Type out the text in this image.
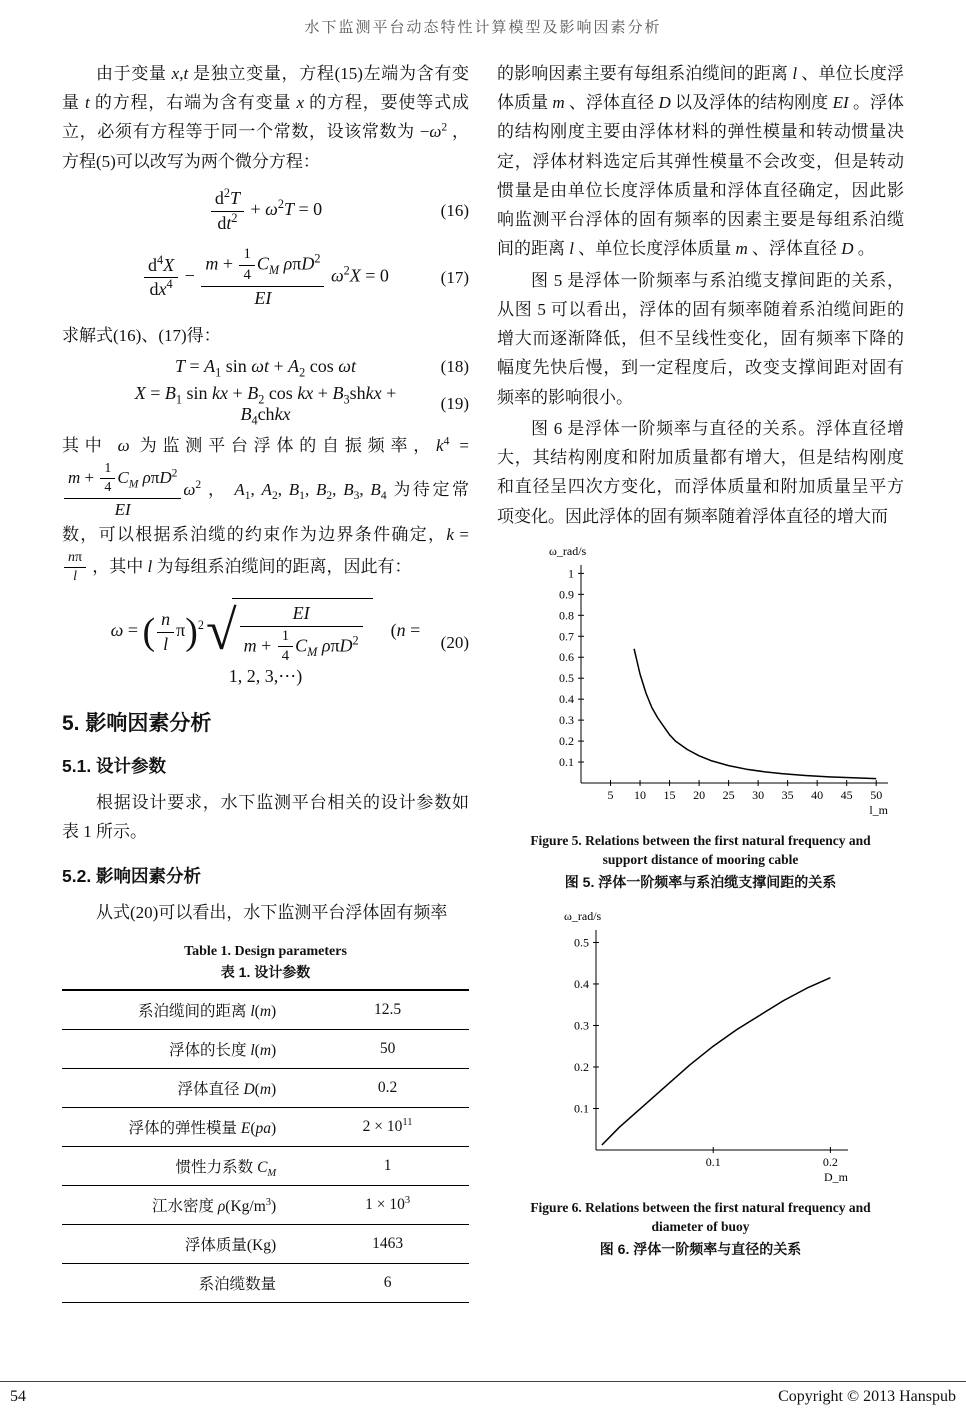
水下监测平台动态特性计算模型及影响因素分析

由于变量 x,t 是独立变量，方程(15)左端为含有变量 t 的方程，右端为含有变量 x 的方程，要使等式成立，必须有方程等于同一个常数，设该常数为 $-\omega^2$ ，方程(5)可以改写为两个微分方程：

$\frac{d^2T}{dt^2} + \omega^2T = 0$	(16)
$\frac{d^4X}{dx^4} - \frac{m + \frac{1}{4} C_M \rho\pi D^2}{EI} \omega^2X = 0$	(17)

求解式(16)、(17)得：

$T = A_1$ $\sin \omega t + A_2$ cos ωt	(18)
$X = B_1$ sin kx + $B_2$ cos kx + $B_3shkx$ + $B_4chkx$
(19)

其中 ω 为监测平台浮体的自振频率，$k^4$ =
$\frac{m + \frac{1}{4} C_M \rho\pi D^2}{EI} \omega^2$ ， $A_1$, $A_2$, $B_1$, $B_2$, $B_3$, $B_4$ 为待定常数，可以根据系泊缆的约束作为边界条件确定，k =
$\frac{n\pi}{l}$ ，其中 l 为每组系泊缆间的距离，因此有：

ω = ( $\frac{n}{l} \pi)^2$ √ $\frac{EI}{m + \frac{1}{4} C_M \rho\pi D^2} (n = 1$, 2, 3,⋯)
(20)
5. 影响因素分析
5.1. 设计参数

根据设计要求，水下监测平台相关的设计参数如表 1 所示。

5.2. 影响因素分析

从式(20)可以看出，水下监测平台浮体固有频率

Table 1. Design parameters
表 1. 设计参数
系泊缆间的距离 l(m)	12.5
浮体的长度 l(m)	50
浮体直径 D(m)	0.2
浮体的弹性模量 E(pa)	$2 \times 10^{11}$
惯性力系数 $C_M$	1
江水密度 $\rho(Kg/m^3)$	$1 \times 10^3$
浮体质量(Kg)	1463
系泊缆数量	6

的影响因素主要有每组系泊缆间的距离 l 、单位长度浮体质量 m 、浮体直径 D 以及浮体的结构刚度 EI 。浮体的结构刚度主要由浮体材料的弹性模量和转动惯量决定，浮体材料选定后其弹性模量不会改变，但是转动惯量是由单位长度浮体质量和浮体直径确定，因此影响监测平台浮体的固有频率的因素主要是每组系泊缆间的距离 l 、单位长度浮体质量 m 、浮体直径 D 。

图 5 是浮体一阶频率与系泊缆支撑间距的关系，从图 5 可以看出，浮体的固有频率随着系泊缆间距的增大而逐渐降低，但不呈线性变化，固有频率下降的幅度先快后慢，到一定程度后，改变支撑间距对固有频率的影响很小。

图 6 是浮体一阶频率与直径的关系。浮体直径增大，其结构刚度和附加质量都有增大，但是结构刚度和直径呈四次方变化，而浮体质量和附加质量呈平方项变化。因此浮体的固有频率随着浮体直径的增大而

5 10 15 20 25 30 35 40 45 50
0.1
0.2
0.3
0.4
0.5
0.6
0.7
0.8
0.9
1
ω_rad/s
l_m
Figure 5. Relations between the first natural frequency and support distance of mooring cable
图 5. 浮体一阶频率与系泊缆支撑间距的关系
0.1	0.2
0.1
0.2
0.3
0.4
0.5
ω_rad/s
D_m
Figure 6. Relations between the first natural frequency and diameter of buoy
图 6. 浮体一阶频率与直径的关系
54	Copyright © 2013 Hanspub
